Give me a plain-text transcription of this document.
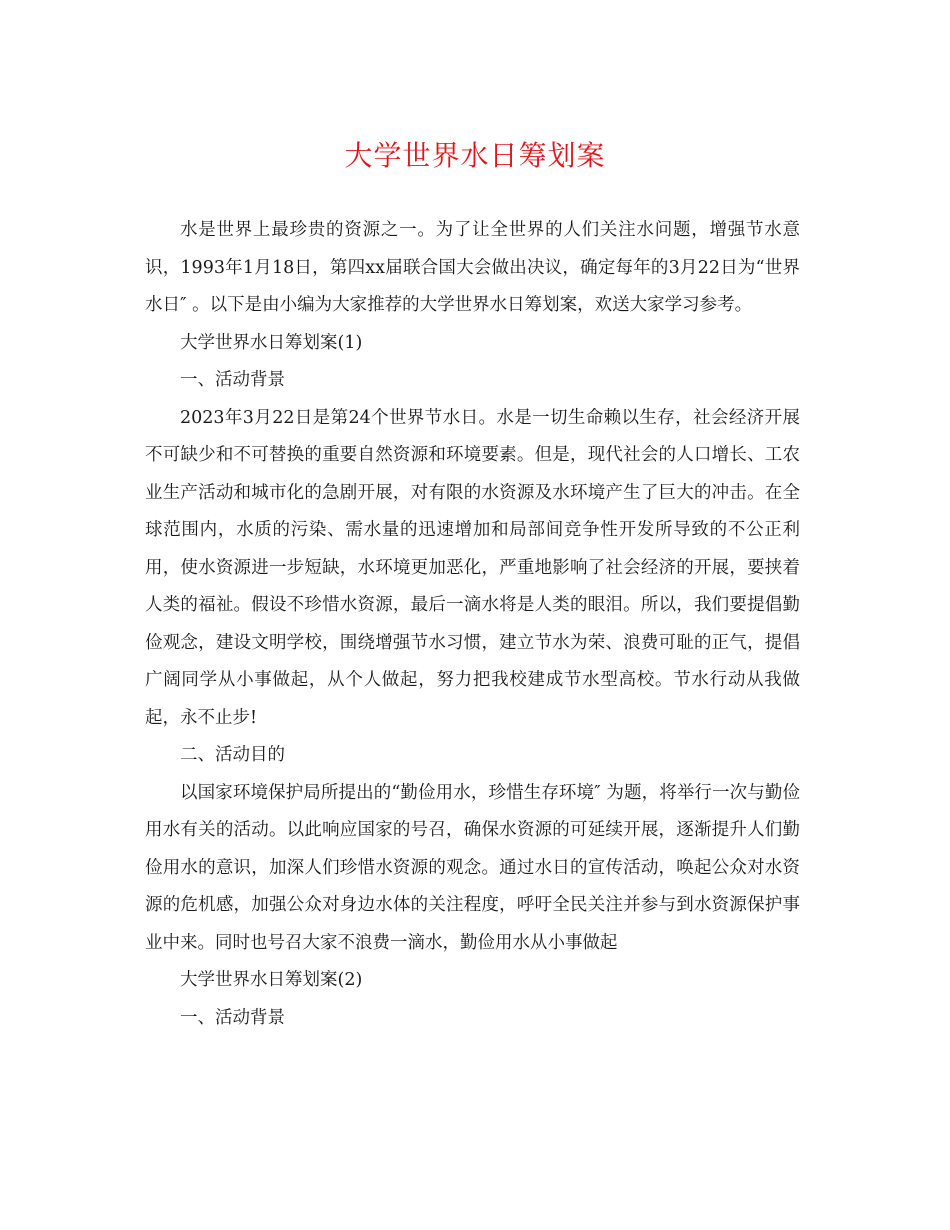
大学世界水日筹划案

水是世界上最珍贵的资源之一。为了让全世界的人们关注水问题，增强节水意识，1993年1月18日，第四xx届联合国大会做出决议，确定每年的3月22日为“世界水日″ 。以下是由小编为大家推荐的大学世界水日筹划案，欢送大家学习参考。

大学世界水日筹划案(1)

一、活动背景

2023年3月22日是第24个世界节水日。水是一切生命赖以生存，社会经济开展不可缺少和不可替换的重要自然资源和环境要素。但是，现代社会的人口增长、工农业生产活动和城市化的急剧开展，对有限的水资源及水环境产生了巨大的冲击。在全球范围内，水质的污染、需水量的迅速增加和局部间竞争性开发所导致的不公正利用，使水资源进一步短缺，水环境更加恶化，严重地影响了社会经济的开展，要挟着人类的福祉。假设不珍惜水资源，最后一滴水将是人类的眼泪。所以，我们要提倡勤俭观念，建设文明学校，围绕增强节水习惯，建立节水为荣、浪费可耻的正气，提倡广阔同学从小事做起，从个人做起，努力把我校建成节水型高校。节水行动从我做起，永不止步!

二、活动目的

以国家环境保护局所提出的“勤俭用水，珍惜生存环境″ 为题，将举行一次与勤俭用水有关的活动。以此响应国家的号召，确保水资源的可延续开展，逐渐提升人们勤俭用水的意识，加深人们珍惜水资源的观念。通过水日的宣传活动，唤起公众对水资源的危机感，加强公众对身边水体的关注程度，呼吁全民关注并参与到水资源保护事业中来。同时也号召大家不浪费一滴水，勤俭用水从小事做起

大学世界水日筹划案(2)

一、活动背景
